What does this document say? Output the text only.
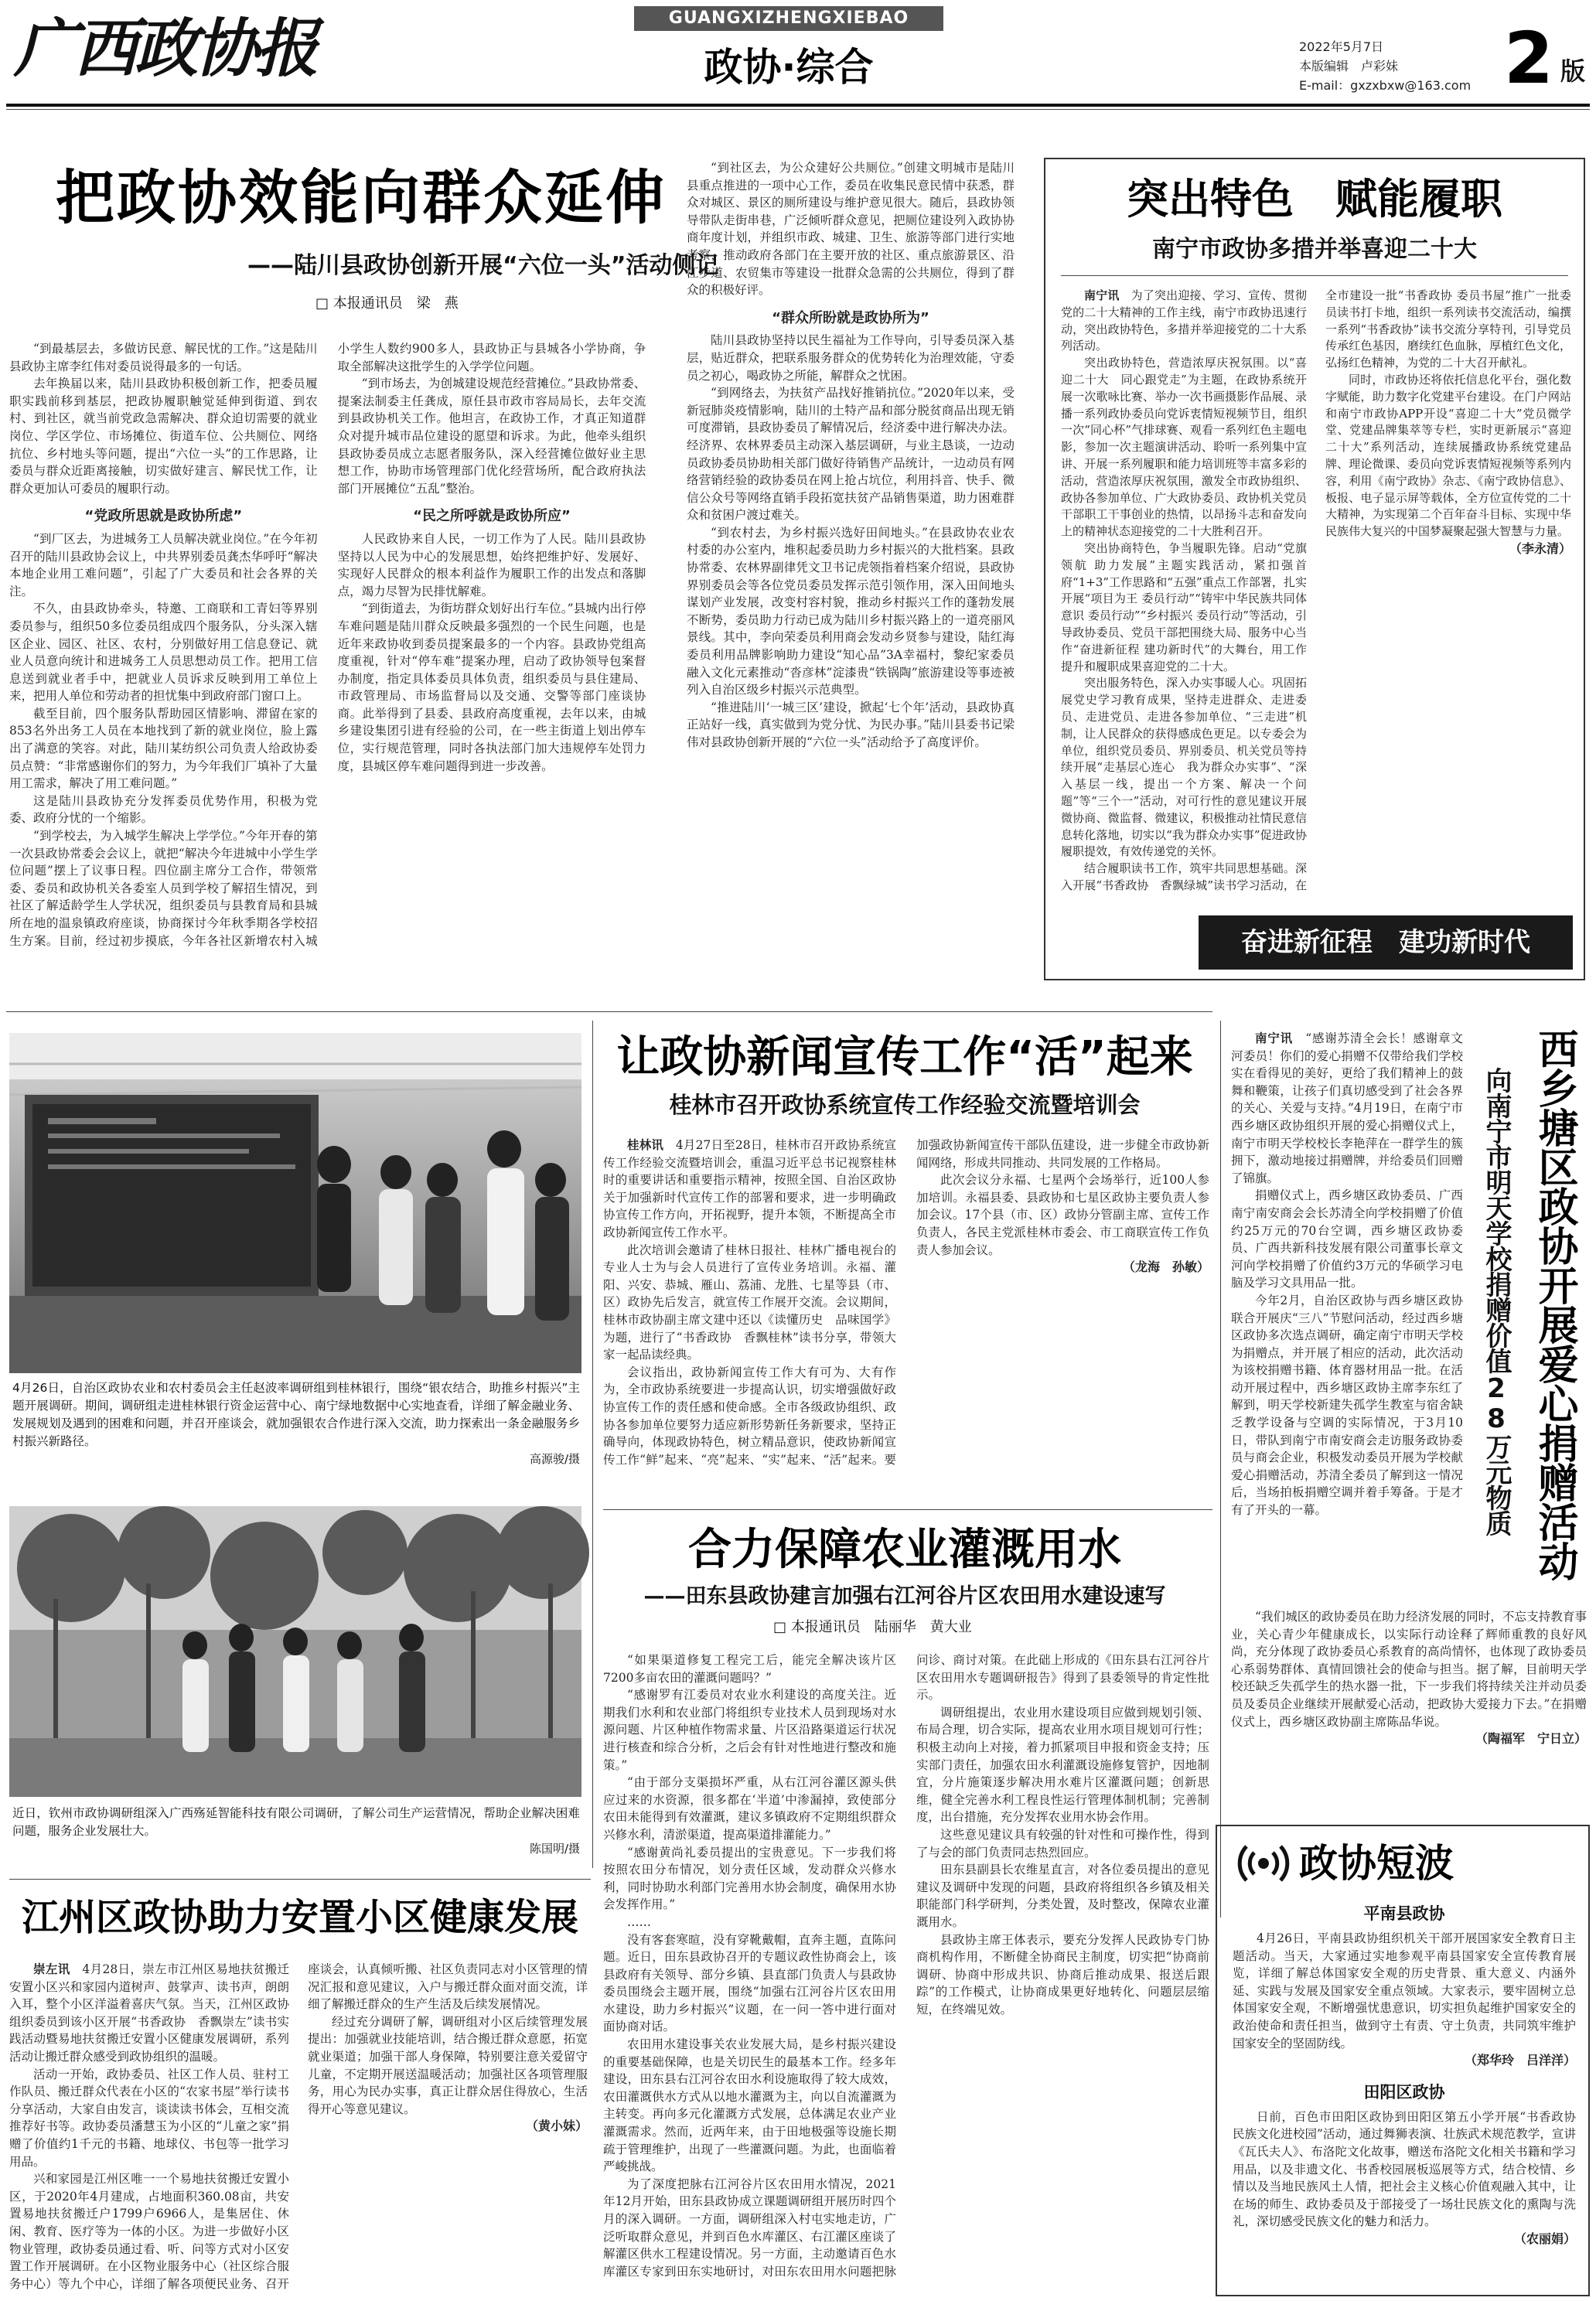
广西政协报	GUANGXIZHENGXIEBAO
政协·综合	2022年5月7日
本版编辑　卢彩妹
E-mail：gxzxbxw@163.com 2 版
把政协效能向群众延伸
——陆川县政协创新开展“六位一头”活动侧记
□ 本报通讯员　梁　燕

“到最基层去，多做访民意、解民忧的工作。”这是陆川县政协主席李红伟对委员说得最多的一句话。

去年换届以来，陆川县政协积极创新工作，把委员履职实践前移到基层，把政协履职触觉延伸到街道、到农村、到社区，就当前党政急需解决、群众迫切需要的就业岗位、学区学位、市场摊位、街道车位、公共厕位、网络抗位、乡村地头等问题，提出“六位一头”的工作思路，让委员与群众近距离接触，切实做好建言、解民忧工作，让群众更加认可委员的履职行动。

“党政所思就是政协所虑”

“到厂区去，为进城务工人员解决就业岗位。”在今年初召开的陆川县政协会议上，中共界别委员龚杰华呼吁“解决本地企业用工难问题”，引起了广大委员和社会各界的关注。

不久，由县政协牵头，特邀、工商联和工青妇等界别委员参与，组织50多位委员组成四个服务队，分头深入辖区企业、园区、社区、农村，分别做好用工信息登记、就业人员意向统计和进城务工人员思想动员工作。把用工信息送到就业者手中，把就业人员诉求反映到用工单位上来，把用人单位和劳动者的担忧集中到政府部门窗口上。

截至目前，四个服务队帮助园区情影响、滞留在家的853名外出务工人员在本地找到了新的就业岗位，脸上露出了满意的笑容。对此，陆川某纺织公司负责人给政协委员点赞：“非常感谢你们的努力，为今年我们厂填补了大量用工需求，解决了用工难问题。”

这是陆川县政协充分发挥委员优势作用，积极为党委、政府分忧的一个缩影。

“到学校去，为入城学生解决上学学位。”今年开春的第一次县政协常委会会议上，就把“解决今年进城中小学生学位问题”摆上了议事日程。四位副主席分工合作，带领常委、委员和政协机关各委室人员到学校了解招生情况，到社区了解适龄学生人学状况，组织委员与县教育局和县城所在地的温泉镇政府座谈，协商探讨今年秋季期各学校招生方案。目前，经过初步摸底，今年各社区新增农村入城小学生人数约900多人，县政协正与县城各小学协商，争取全部解决这批学生的入学学位问题。

“到市场去，为创城建设规范经营摊位。”县政协常委、提案法制委主任龚成，原任县市政市容局局长，去年交流到县政协机关工作。他坦言，在政协工作，才真正知道群众对提升城市品位建设的愿望和诉求。为此，他牵头组织县政协委员成立志愿者服务队，深入经营摊位做好业主思想工作，协助市场管理部门优化经营场所，配合政府执法部门开展摊位“五乱”整治。

“民之所呼就是政协所应”

人民政协来自人民，一切工作为了人民。陆川县政协坚持以人民为中心的发展思想，始终把维护好、发展好、实现好人民群众的根本利益作为履职工作的出发点和落脚点，竭力尽智为民排忧解难。

“到街道去，为街坊群众划好出行车位。”县城内出行停车难问题是陆川群众反映最多强烈的一个民生问题，也是近年来政协收到委员提案最多的一个内容。县政协党组高度重视，针对“停车难”提案办理，启动了政协领导包案督办制度，指定具体委员具体负责，组织委员与县住建局、市政管理局、市场监督局以及交通、交警等部门座谈协商。此举得到了县委、县政府高度重视，去年以来，由城乡建设集团引进有经验的公司，在一些主街道上划出停车位，实行规范管理，同时各执法部门加大违规停车处罚力度，县城区停车难问题得到进一步改善。

“到社区去，为公众建好公共厕位。”创建文明城市是陆川县重点推进的一项中心工作，委员在收集民意民情中获悉，群众对城区、景区的厕所建设与维护意见很大。随后，县政协领导带队走街串巷，广泛倾听群众意见，把厕位建设列入政协协商年度计划，并组织市政、城建、卫生、旅游等部门进行实地考察，推动政府各部门在主要开放的社区、重点旅游景区、沿江步道、农贸集市等建设一批群众急需的公共厕位，得到了群众的积极好评。

“群众所盼就是政协所为”

陆川县政协坚持以民生福祉为工作导向，引导委员深入基层，贴近群众，把联系服务群众的优势转化为治理效能，守委员之初心，喝政协之所能，解群众之忧困。

“到网络去，为扶贫产品找好推销抗位。”2020年以来，受新冠肺炎疫情影响，陆川的土特产品和部分脱贫商品出现无销可度滞销，县政协委员了解情况后，经济委中进行解决办法。经济界、农林界委员主动深入基层调研，与业主恳谈，一边动员政协委员协助相关部门做好待销售产品统计，一边动员有网络营销经验的政协委员在网上抢占坑位，利用抖音、快手、微信公众号等网络直销手段拓宽扶贫产品销售渠道，助力困难群众和贫困户渡过难关。

“到农村去，为乡村振兴选好田间地头。”在县政协农业农村委的办公室内，堆积起委员助力乡村振兴的大批档案。县政协常委、农林界副律凭文卫书记虎领指着档案介绍说，县政协界别委员会等各位党员委员发挥示范引领作用，深入田间地头谋划产业发展，改变村容村貌，推动乡村振兴工作的蓬勃发展不断势，委员助力行动已成为陆川乡村振兴路上的一道亮丽风景线。其中，李向荣委员利用商会发动乡贤参与建设，陆红海委员利用品牌影响助力建设“知心品”3A幸福村，黎纪家委员融入文化元素推动“沓彦林”淀漆贵“铁锅陶”旅游建设等事迹被列入自治区级乡村振兴示范典型。

“推进陆川‘一城三区’建设，掀起‘七个年’活动，县政协真正站好一线，真实做到为党分忧、为民办事。”陆川县委书记梁伟对县政协创新开展的“六位一头”活动给予了高度评价。

突出特色　赋能履职
南宁市政协多措并举喜迎二十大

南宁讯　 为了突出迎接、学习、宣传、贯彻党的二十大精神的工作主线，南宁市政协迅速行动，突出政协特色，多措并举迎接党的二十大系列活动。

突出政协特色，营造浓厚庆祝氛围。以“喜迎二十大　同心跟党走”为主题，在政协系统开展一次歌咏比赛、举办一次书画摄影作品展、录播一系列政协委员向党诉衷情短视频节目，组织一次“同心杯”气排球赛、观看一系列红色主题电影，参加一次主题演讲活动、聆听一系列集中宣讲、开展一系列履职和能力培训班等丰富多彩的活动，营造浓厚庆祝氛围，激发全市政协组织、政协各参加单位、广大政协委员、政协机关党员干部职工干事创业的热情，以昂扬斗志和奋发向上的精神状态迎接党的二十大胜利召开。

突出协商特色，争当履职先锋。启动“党旗领航 助力发展”主题实践活动，紧扣强首府“1+3”工作思路和“五强”重点工作部署，扎实开展“项目为王 委员行动”“铸牢中华民族共同体意识 委员行动”“乡村振兴 委员行动”等活动，引导政协委员、党员干部把围绕大局、服务中心当作“奋进新征程 建功新时代”的大舞台，用工作提升和履职成果喜迎党的二十大。

突出服务特色，深入办实事暖人心。巩固拓展党史学习教育成果，坚持走进群众、走进委员、走进党员、走进各参加单位、“三走进”机制，让人民群众的获得感成色更足。以专委会为单位，组织党员委员、界别委员、机关党员等持续开展“走基层心连心　我为群众办实事”、“深入基层一线，提出一个方案、解决一个问题”等“三个一”活动，对可行性的意见建议开展微协商、微监督、微建议，积极推动社情民意信息转化落地，切实以“我为群众办实事”促进政协履职提效，有效传递党的关怀。

结合履职读书工作，筑牢共同思想基础。深入开展“书香政协　香飘绿城”读书学习活动，在全市建设一批“书香政协 委员书屋”推广一批委员读书打卡地，组织一系列读书交流活动，编撰一系列“书香政协”读书交流分享特刊，引导党员传承红色基因，磨续红色血脉，厚植红色文化，弘扬红色精神，为党的二十大召开献礼。

同时，市政协还将依托信息化平台，强化数字赋能，助力数字化党建平台建设。在门户网站和南宁市政协APP开设“喜迎二十大”党员微学堂、党建品牌集萃等专栏，实时更新展示“喜迎二十大”系列活动，连续展播政协系统党建品牌、理论微课、委员向党诉衷情短视频等系列内容，利用《南宁政协》杂志、《南宁政协信息》、板报、电子显示屏等载体，全方位宣传党的二十大精神，为实现第二个百年奋斗目标、实现中华民族伟大复兴的中国梦凝聚起强大智慧与力量。

（李永清）
奋进新征程　建功新时代
4月26日，自治区政协农业和农村委员会主任赵波率调研组到桂林银行，围绕“银农结合，助推乡村振兴”主题开展调研。期间，调研组走进桂林银行资金运营中心、南宁绿地数据中心实地查看，详细了解金融业务、发展规划及遇到的困难和问题，并召开座谈会，就加强银农合作进行深入交流，助力探索出一条金融服务乡村振兴新路径。
高源骏/摄
近日，钦州市政协调研组深入广西殇延智能科技有限公司调研，了解公司生产运营情况，帮助企业解决困难问题，服务企业发展壮大。
陈国明/摄
让政协新闻宣传工作“活”起来
桂林市召开政协系统宣传工作经验交流暨培训会

桂林讯　 4月27日至28日，桂林市召开政协系统宣传工作经验交流暨培训会，重温习近平总书记视察桂林时的重要讲话和重要指示精神，按照全国、自治区政协关于加强新时代宣传工作的部署和要求，进一步明确政协宣传工作方向，开拓视野，提升本领，不断提高全市政协新闻宣传工作水平。

此次培训会邀请了桂林日报社、桂林广播电视台的专业人士为与会人员进行了宣传业务培训。永福、灌阳、兴安、恭城、雁山、荔浦、龙胜、七星等县（市、区）政协先后发言，就宣传工作展开交流。会议期间，桂林市政协副主席文建中还以《读懂历史　品味国学》为题，进行了“书香政协　香飘桂林”读书分享，带领大家一起品读经典。

会议指出，政协新闻宣传工作大有可为、大有作为，全市政协系统要进一步提高认识，切实增强做好政协宣传工作的责任感和使命感。全市各级政协组织、政协各参加单位要努力适应新形势新任务新要求，坚持正确导向，体现政协特色，树立精品意识，使政协新闻宣传工作“鲜”起来、“亮”起来、“实”起来、“活”起来。要加强政协新闻宣传干部队伍建设，进一步健全市政协新闻网络，形成共同推动、共同发展的工作格局。

此次会议分永福、七星两个会场举行，近100人参加培训。永福县委、县政协和七星区政协主要负责人参加会议。17个县（市、区）政协分管副主席、宣传工作负责人，各民主党派桂林市委会、市工商联宣传工作负责人参加会议。

（龙海　孙敏）	西乡塘区政协开展爱心捐赠活动
向南宁市明天学校捐赠价值28万元物质

南宁讯　 “感谢苏清全会长！感谢章文河委员！你们的爱心捐赠不仅带给我们学校实在看得见的美好，更给了我们精神上的鼓舞和鞭策，让孩子们真切感受到了社会各界的关心、关爱与支持。”4月19日，在南宁市西乡塘区政协组织开展的爱心捐赠仪式上，南宁市明天学校校长李艳萍在一群学生的簇拥下，激动地接过捐赠牌，并给委员们回赠了锦旗。

捐赠仪式上，西乡塘区政协委员、广西南宁南安商会会长苏清全向学校捐赠了价值约25万元的70台空调，西乡塘区政协委员、广西共新科技发展有限公司董事长章文河向学校捐赠了价值约3万元的华硕学习电脑及学习文具用品一批。

今年2月，自治区政协与西乡塘区政协联合开展庆“三八”节慰问活动，经过西乡塘区政协多次选点调研，确定南宁市明天学校为捐赠点，并开展了相应的活动，此次活动为该校捐赠书籍、体育器材用品一批。在活动开展过程中，西乡塘区政协主席李东红了解到，明天学校新建失孤学生教室与宿舍缺乏教学设备与空调的实际情况，于3月10日，带队到南宁市南安商会走访服务政协委员与商会企业，积极发动委员开展为学校献爱心捐赠活动，苏清全委员了解到这一情况后，当场拍板捐赠空调并着手筹备。于是才有了开头的一幕。

“我们城区的政协委员在助力经济发展的同时，不忘支持教育事业，关心青少年健康成长，以实际行动诠释了辉师重教的良好风尚，充分体现了政协委员心系教育的高尚情怀，也体现了政协委员心系弱势群体、真情回馈社会的使命与担当。据了解，目前明天学校还缺乏失孤学生的热水器一批，下一步我们将持续关注并动员委员及委员企业继续开展献爱心活动，把政协大爱接力下去。”在捐赠仪式上，西乡塘区政协副主席陈品华说。

（陶福军　宁日立）
合力保障农业灌溉用水
——田东县政协建言加强右江河谷片区农田用水建设速写
□ 本报通讯员　陆丽华　黄大业

“如果渠道修复工程完工后，能完全解决该片区7200多亩农田的灌溉问题吗？”

“感谢罗有江委员对农业水利建设的高度关注。近期我们水利和农业部门将组织专业技术人员到现场对水源问题、片区种植作物需求量、片区沿路渠道运行状况进行核查和综合分析，之后会有针对性地进行整改和施策。”

“由于部分支渠损坏严重，从右江河谷灌区源头供应过来的水资源，很多都在‘半道’中渗漏掉，致使部分农田未能得到有效灌溉，建议多镇政府不定期组织群众兴修水利，清淤渠道，提高渠道排灌能力。”

“感谢黄尚礼委员提出的宝贵意见。下一步我们将按照农田分布情况，划分责任区域，发动群众兴修水利，同时协助水利部门完善用水协会制度，确保用水协会发挥作用。”

……

没有客套寒暄，没有穿靴戴帽，直奔主题，直陈问题。近日，田东县政协召开的专题议政性协商会上，该县政府有关领导、部分乡镇、县直部门负责人与县政协委员围绕会主题开展，围绕“加强右江河谷片区农田用水建设，助力乡村振兴”议题，在一问一答中进行面对面协商对话。

农田用水建设事关农业发展大局，是乡村振兴建设的重要基础保障，也是关切民生的最基本工作。经多年建设，田东县右江河谷农田水利设施取得了较大成效，农田灌溉供水方式从以地水灌溉为主，向以自流灌溉为主转变。再向多元化灌溉方式发展，总体满足农业产业灌溉需求。然而，近两年来，由于田地极强等设施长期疏于管理维护，出现了一些灌溉问题。为此，也面临着严峻挑战。

为了深度把脉右江河谷片区农田用水情况，2021年12月开始，田东县政协成立课题调研组开展历时四个月的深入调研。一方面，调研组深入村屯实地走访，广泛听取群众意见，并到百色水库灌区、右江灌区座谈了解灌区供水工程建设情况。另一方面，主动邀请百色水库灌区专家到田东实地研讨，对田东农田用水问题把脉问诊、商讨对策。在此础上形成的《田东县右江河谷片区农田用水专题调研报告》得到了县委领导的肯定性批示。

调研组提出，农业用水建设项目应做到规划引领、布局合理，切合实际，提高农业用水项目规划可行性；积极主动向上对接，着力抓紧项目申报和资金支持；压实部门责任，加强农田水利灌溉设施修复管护，因地制宜，分片施策逐步解决用水难片区灌溉问题；创新思维，健全完善水利工程良性运行管理体制机制；完善制度，出台措施，充分发挥农业用水协会作用。

这些意见建议具有较强的针对性和可操作性，得到了与会的部门负责同志热烈回应。

田东县副县长农维星直言，对各位委员提出的意见建议及调研中发现的问题，县政府将组织各乡镇及相关职能部门科学研判，分类处置，及时整改，保障农业灌溉用水。

县政协主席王体表示，要充分发挥人民政协专门协商机构作用，不断健全协商民主制度，切实把“协商前调研、协商中形成共识、协商后推动成果、报送后跟踪”的工作模式，让协商成果更好地转化、问题层层缩短，在终端见效。

江州区政协助力安置小区健康发展

崇左讯　 4月28日，崇左市江州区易地扶贫搬迁安置小区兴和家园内道树声、鼓掌声、读书声，朗朗入耳，整个小区洋溢着喜庆气氛。当天，江州区政协组织委员到该小区开展“书香政协　香飘崇左”读书实践活动暨易地扶贫搬迁安置小区健康发展调研，系列活动让搬迁群众感受到政协组织的温暖。

活动一开始，政协委员、社区工作人员、驻村工作队员、搬迁群众代表在小区的“农家书屋”举行读书分享活动，大家自由发言，谈读读书体会，互相交流推荐好书等。政协委员潘慧玉为小区的“儿童之家”捐赠了价值约1千元的书籍、地球仪、书包等一批学习用品。

兴和家园是江州区唯一一个易地扶贫搬迁安置小区，于2020年4月建成，占地面积360.08亩，共安置易地扶贫搬迁户1799户6966人，是集居住、休闲、教育、医疗等为一体的小区。为进一步做好小区物业管理，政协委员通过看、听、问等方式对小区安置工作开展调研。在小区物业服务中心（社区综合服务中心）等九个中心，详细了解各项便民业务、召开座谈会，认真倾听搬、社区负责同志对小区管理的情况汇报和意见建议，入户与搬迁群众面对面交流，详细了解搬迁群众的生产生活及后续发展情况。

经过充分调研了解，调研组对小区后续管理发展提出：加强就业技能培训，结合搬迁群众意愿，拓宽就业渠道；加强干部人身保障，特别要注意关爱留守儿童，不定期开展送温暖活动；加强社区各项管理服务，用心为民办实事，真正让群众居住得放心，生活得开心等意见建议。

（黄小妹）
政协短波
平南县政协

4月26日，平南县政协组织机关干部开展国家安全教育日主题活动。当天，大家通过实地参观平南县国家安全宣传教育展览，详细了解总体国家安全观的历史背景、重大意义、内涵外延、实践与发展及国家安全重点领域。大家表示，要牢固树立总体国家安全观，不断增强忧患意识，切实担负起维护国家安全的政治使命和责任担当，做到守土有责、守土负责，共同筑牢维护国家安全的坚固防线。

（郑华玲　吕洋洋）
田阳区政协

日前，百色市田阳区政协到田阳区第五小学开展“书香政协　民族文化进校园”活动，通过舞狮表演、壮族武术规范教学，宣讲《瓦氏夫人》、布洛陀文化故事，赠送布洛陀文化相关书籍和学习用品，以及非遗文化、书香校园展板巡展等方式，结合校情、乡情以及当地民族风土人情，把社会主义核心价值观融入其中，让在场的师生、政协委员及于部接受了一场壮民族文化的熏陶与洗礼，深切感受民族文化的魅力和活力。

（农丽娟）
